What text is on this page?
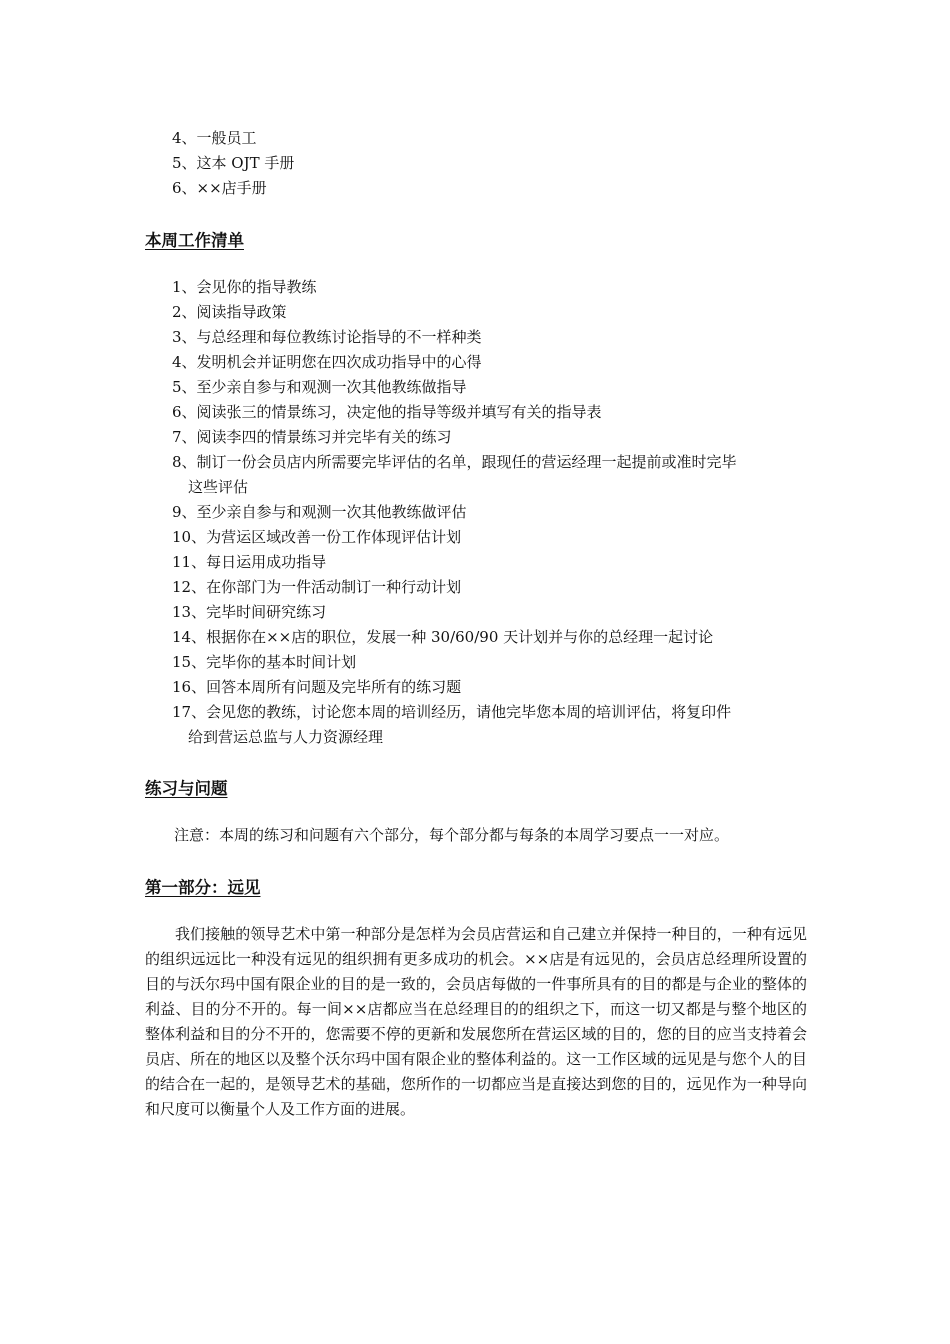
4、一般员工
5、这本 OJT 手册
6、××店手册
本周工作清单
1、会见你的指导教练
2、阅读指导政策
3、与总经理和每位教练讨论指导的不一样种类
4、发明机会并证明您在四次成功指导中的心得
5、至少亲自参与和观测一次其他教练做指导
6、阅读张三的情景练习，决定他的指导等级并填写有关的指导表
7、阅读李四的情景练习并完毕有关的练习
8、制订一份会员店内所需要完毕评估的名单，跟现任的营运经理一起提前或准时完毕
这些评估
9、至少亲自参与和观测一次其他教练做评估
10、为营运区域改善一份工作体现评估计划
11、每日运用成功指导
12、在你部门为一件活动制订一种行动计划
13、完毕时间研究练习
14、根据你在××店的职位，发展一种 30/60/90 天计划并与你的总经理一起讨论
15、完毕你的基本时间计划
16、回答本周所有问题及完毕所有的练习题
17、会见您的教练，讨论您本周的培训经历，请他完毕您本周的培训评估，将复印件
给到营运总监与人力资源经理
练习与问题

注意：本周的练习和问题有六个部分，每个部分都与每条的本周学习要点一一对应。

第一部分：远见

我们接触的领导艺术中第一种部分是怎样为会员店营运和自己建立并保持一种目的，一种有远见的组织远远比一种没有远见的组织拥有更多成功的机会。××店是有远见的，会员店总经理所设置的目的与沃尔玛中国有限企业的目的是一致的，会员店每做的一件事所具有的目的都是与企业的整体的利益、目的分不开的。每一间××店都应当在总经理目的的组织之下，而这一切又都是与整个地区的整体利益和目的分不开的，您需要不停的更新和发展您所在营运区域的目的，您的目的应当支持着会员店、所在的地区以及整个沃尔玛中国有限企业的整体利益的。这一工作区域的远见是与您个人的目的结合在一起的，是领导艺术的基础，您所作的一切都应当是直接达到您的目的，远见作为一种导向和尺度可以衡量个人及工作方面的进展。
